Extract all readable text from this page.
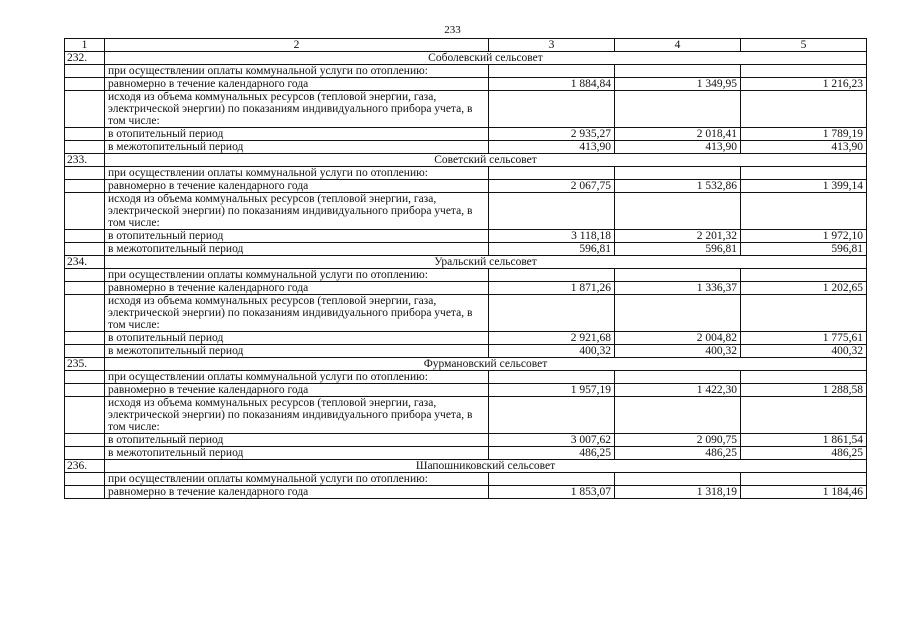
233
1	2	3	4	5
232.	Соболевский сельсовет			
	при осуществлении оплаты коммунальной услуги по отоплению:			
	равномерно в течение календарного года	1 884,84	1 349,95	1 216,23
	исходя из объема коммунальных ресурсов (тепловой энергии, газа, электрической энергии) по показаниям индивидуального прибора учета, в том числе:			
	в отопительный период	2 935,27	2 018,41	1 789,19
	в межотопительный период	413,90	413,90	413,90
233.	Советский сельсовет			
	при осуществлении оплаты коммунальной услуги по отоплению:			
	равномерно в течение календарного года	2 067,75	1 532,86	1 399,14
	исходя из объема коммунальных ресурсов (тепловой энергии, газа, электрической энергии) по показаниям индивидуального прибора учета, в том числе:			
	в отопительный период	3 118,18	2 201,32	1 972,10
	в межотопительный период	596,81	596,81	596,81
234.	Уральский сельсовет			
	при осуществлении оплаты коммунальной услуги по отоплению:			
	равномерно в течение календарного года	1 871,26	1 336,37	1 202,65
	исходя из объема коммунальных ресурсов (тепловой энергии, газа, электрической энергии) по показаниям индивидуального прибора учета, в том числе:			
	в отопительный период	2 921,68	2 004,82	1 775,61
	в межотопительный период	400,32	400,32	400,32
235.	Фурмановский сельсовет			
	при осуществлении оплаты коммунальной услуги по отоплению:			
	равномерно в течение календарного года	1 957,19	1 422,30	1 288,58
	исходя из объема коммунальных ресурсов (тепловой энергии, газа, электрической энергии) по показаниям индивидуального прибора учета, в том числе:			
	в отопительный период	3 007,62	2 090,75	1 861,54
	в межотопительный период	486,25	486,25	486,25
236.	Шапошниковский сельсовет			
	при осуществлении оплаты коммунальной услуги по отоплению:			
	равномерно в течение календарного года	1 853,07	1 318,19	1 184,46
